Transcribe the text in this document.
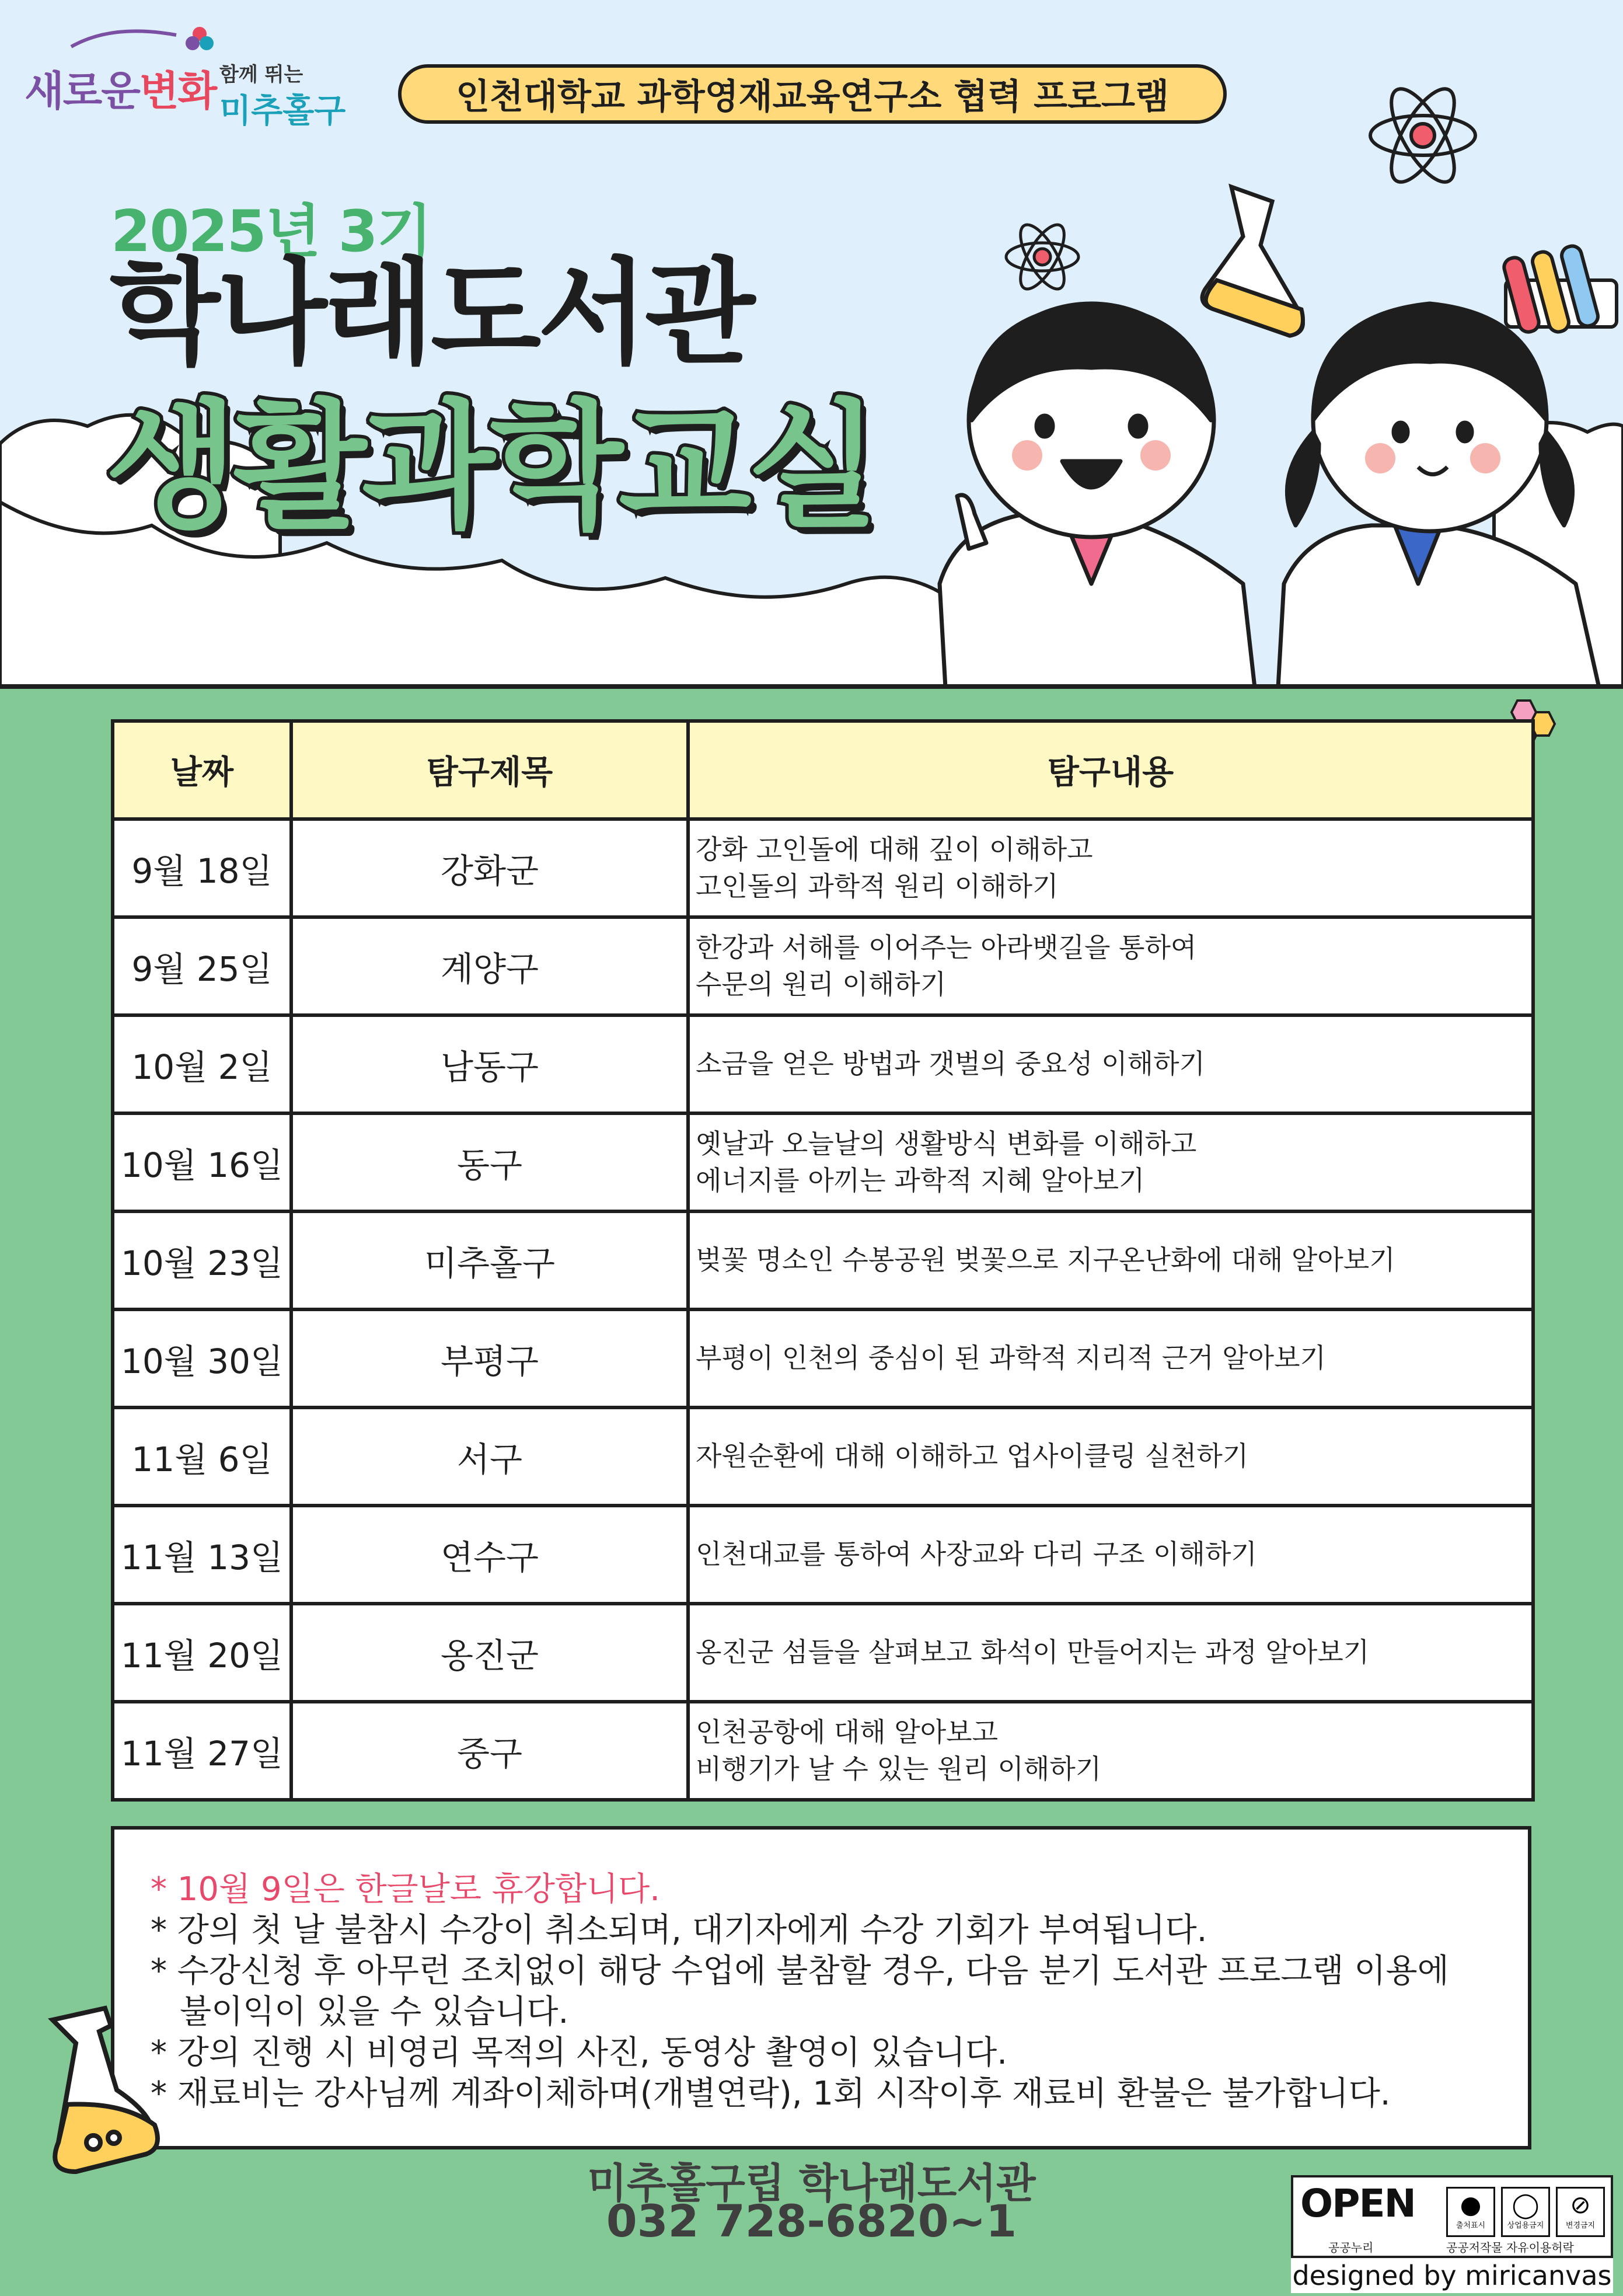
새로운변화 함께 뛰는
미추홀구	인천대학교 과학영재교육연구소 협력 프로그램
2025년 3기
학나래도서관
생활과학교실
날짜	탐구제목	탐구내용
9월 18일	강화군	강화 고인돌에 대해 깊이 이해하고
고인돌의 과학적 원리 이해하기

9월 25일	계양구	한강과 서해를 이어주는 아라뱃길을 통하여
수문의 원리 이해하기

10월 2일	남동구	소금을 얻은 방법과 갯벌의 중요성 이해하기

10월 16일	동구	옛날과 오늘날의 생활방식 변화를 이해하고
에너지를 아끼는 과학적 지혜 알아보기

10월 23일	미추홀구	벚꽃 명소인 수봉공원 벚꽃으로 지구온난화에 대해 알아보기

10월 30일	부평구	부평이 인천의 중심이 된 과학적 지리적 근거 알아보기

11월 6일	서구	자원순환에 대해 이해하고 업사이클링 실천하기

11월 13일	연수구	인천대교를 통하여 사장교와 다리 구조 이해하기

11월 20일	옹진군	옹진군 섬들을 살펴보고 화석이 만들어지는 과정 알아보기

11월 27일	중구	인천공항에 대해 알아보고
비행기가 날 수 있는 원리 이해하기
* 10월 9일은 한글날로 휴강합니다.
* 강의 첫 날 불참시 수강이 취소되며, 대기자에게 수강 기회가 부여됩니다.
* 수강신청 후 아무런 조치없이 해당 수업에 불참할 경우, 다음 분기 도서관 프로그램 이용에
불이익이 있을 수 있습니다.
* 강의 진행 시 비영리 목적의 사진, 동영상 촬영이 있습니다.
* 재료비는 강사님께 계좌이체하며(개별연락), 1회 시작이후 재료비 환불은 불가합니다.
미추홀구립 학나래도서관
032 728-6820~1	OPEN
공공누리	공공저작물 자유이용허락
●
출처표시
◯
상업용금지
⊘
변경금지
designed by miricanvas
